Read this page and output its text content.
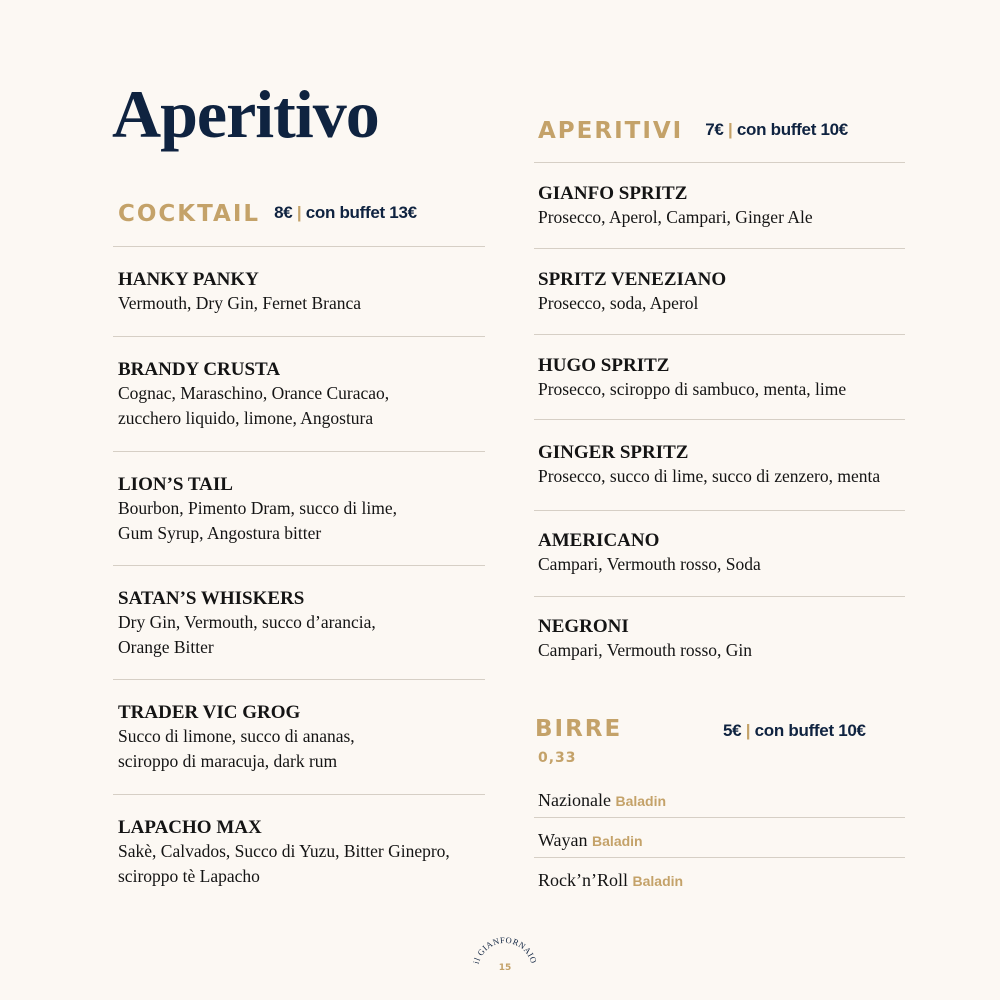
Aperitivo
COCKTAIL 8€ | con buffet 13€
HANKY PANKY
Vermouth, Dry Gin, Fernet Branca
BRANDY CRUSTA
Cognac, Maraschino, Orance Curacao,
zucchero liquido, limone, Angostura
LION’S TAIL
Bourbon, Pimento Dram, succo di lime,
Gum Syrup, Angostura bitter
SATAN’S WHISKERS
Dry Gin, Vermouth, succo d’arancia,
Orange Bitter
TRADER VIC GROG
Succo di limone, succo di ananas,
sciroppo di maracuja, dark rum
LAPACHO MAX
Sakè, Calvados, Succo di Yuzu, Bitter Ginepro,
sciroppo tè Lapacho
APERITIVI 7€ | con buffet 10€
GIANFO SPRITZ
Prosecco, Aperol, Campari, Ginger Ale
SPRITZ VENEZIANO
Prosecco, soda, Aperol
HUGO SPRITZ
Prosecco, sciroppo di sambuco, menta, lime
GINGER SPRITZ
Prosecco, succo di lime, succo di zenzero, menta
AMERICANO
Campari, Vermouth rosso, Soda
NEGRONI
Campari, Vermouth rosso, Gin
BIRRE	5€ | con buffet 10€
0,33
Nazionale Baladin
Wayan Baladin
Rock’n’Roll Baladin
il GIANFORNAIO
15
